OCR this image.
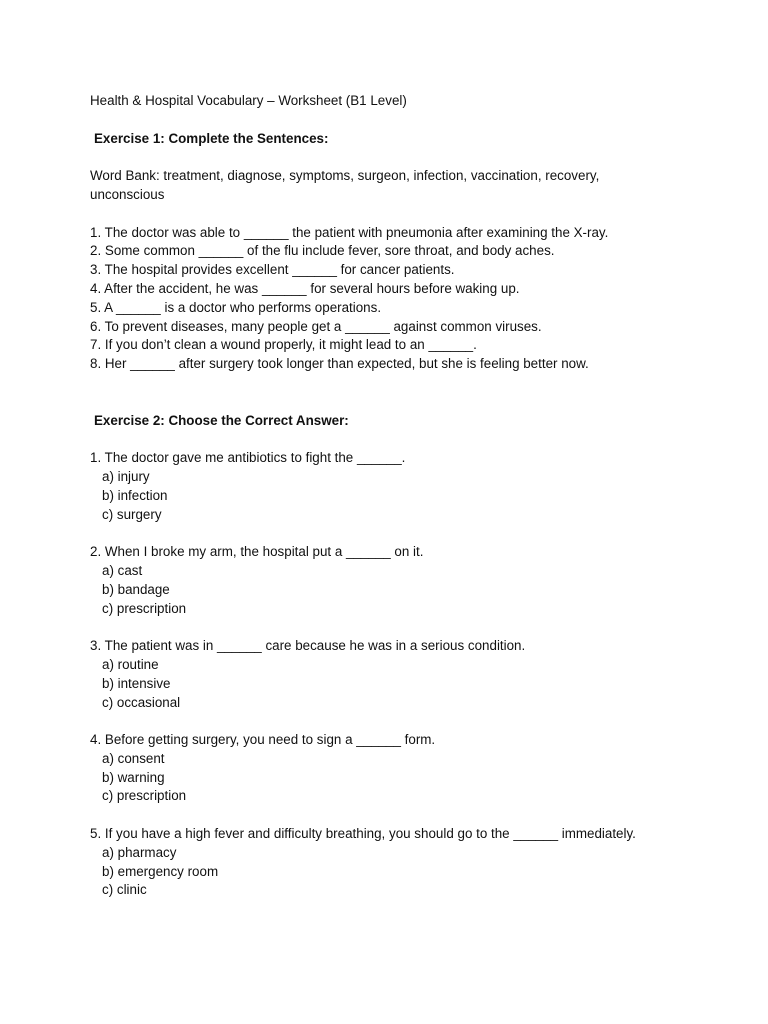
Health & Hospital Vocabulary – Worksheet (B1 Level)
Exercise 1: Complete the Sentences:
Word Bank: treatment, diagnose, symptoms, surgeon, infection, vaccination, recovery, unconscious
1. The doctor was able to ______ the patient with pneumonia after examining the X-ray.
2. Some common ______ of the flu include fever, sore throat, and body aches.
3. The hospital provides excellent ______ for cancer patients.
4. After the accident, he was ______ for several hours before waking up.
5. A ______ is a doctor who performs operations.
6. To prevent diseases, many people get a ______ against common viruses.
7. If you don’t clean a wound properly, it might lead to an ______.
8. Her ______ after surgery took longer than expected, but she is feeling better now.
Exercise 2: Choose the Correct Answer:
1. The doctor gave me antibiotics to fight the ______.
a) injury
b) infection
c) surgery
2. When I broke my arm, the hospital put a ______ on it.
a) cast
b) bandage
c) prescription
3. The patient was in ______ care because he was in a serious condition.
a) routine
b) intensive
c) occasional
4. Before getting surgery, you need to sign a ______ form.
a) consent
b) warning
c) prescription
5. If you have a high fever and difficulty breathing, you should go to the ______ immediately.
a) pharmacy
b) emergency room
c) clinic
